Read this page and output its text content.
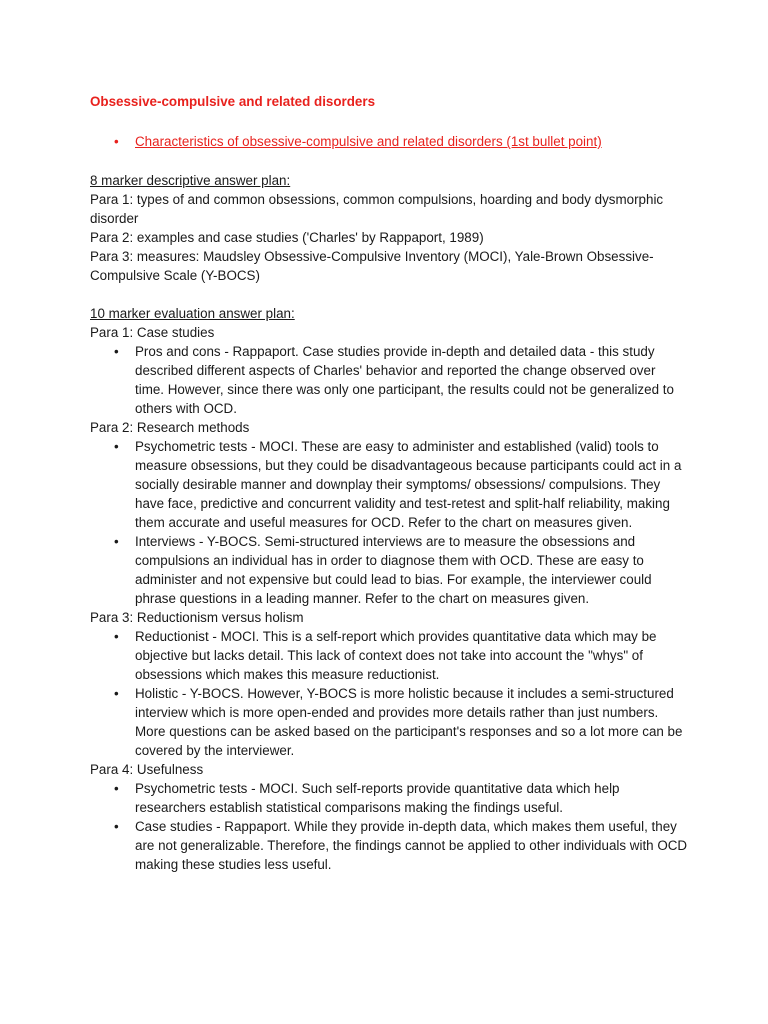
Obsessive-compulsive and related disorders
• Characteristics of obsessive-compulsive and related disorders (1st bullet point)

8 marker descriptive answer plan:

Para 1: types of and common obsessions, common compulsions, hoarding and body dysmorphic disorder

Para 2: examples and case studies ('Charles' by Rappaport, 1989)

Para 3: measures: Maudsley Obsessive-Compulsive Inventory (MOCI), Yale-Brown Obsessive-Compulsive Scale (Y-BOCS)

10 marker evaluation answer plan:

Para 1: Case studies

• Pros and cons - Rappaport. Case studies provide in-depth and detailed data - this study described different aspects of Charles' behavior and reported the change observed over time. However, since there was only one participant, the results could not be generalized to others with OCD.

Para 2: Research methods

• Psychometric tests - MOCI. These are easy to administer and established (valid) tools to measure obsessions, but they could be disadvantageous because participants could act in a socially desirable manner and downplay their symptoms/ obsessions/ compulsions. They have face, predictive and concurrent validity and test-retest and split-half reliability, making them accurate and useful measures for OCD. Refer to the chart on measures given.
• Interviews - Y-BOCS. Semi-structured interviews are to measure the obsessions and compulsions an individual has in order to diagnose them with OCD. These are easy to administer and not expensive but could lead to bias. For example, the interviewer could phrase questions in a leading manner. Refer to the chart on measures given.

Para 3: Reductionism versus holism

• Reductionist - MOCI. This is a self-report which provides quantitative data which may be objective but lacks detail. This lack of context does not take into account the "whys" of obsessions which makes this measure reductionist.
• Holistic - Y-BOCS. However, Y-BOCS is more holistic because it includes a semi-structured interview which is more open-ended and provides more details rather than just numbers. More questions can be asked based on the participant's responses and so a lot more can be covered by the interviewer.

Para 4: Usefulness

• Psychometric tests - MOCI. Such self-reports provide quantitative data which help researchers establish statistical comparisons making the findings useful.
• Case studies - Rappaport. While they provide in-depth data, which makes them useful, they are not generalizable. Therefore, the findings cannot be applied to other individuals with OCD making these studies less useful.
